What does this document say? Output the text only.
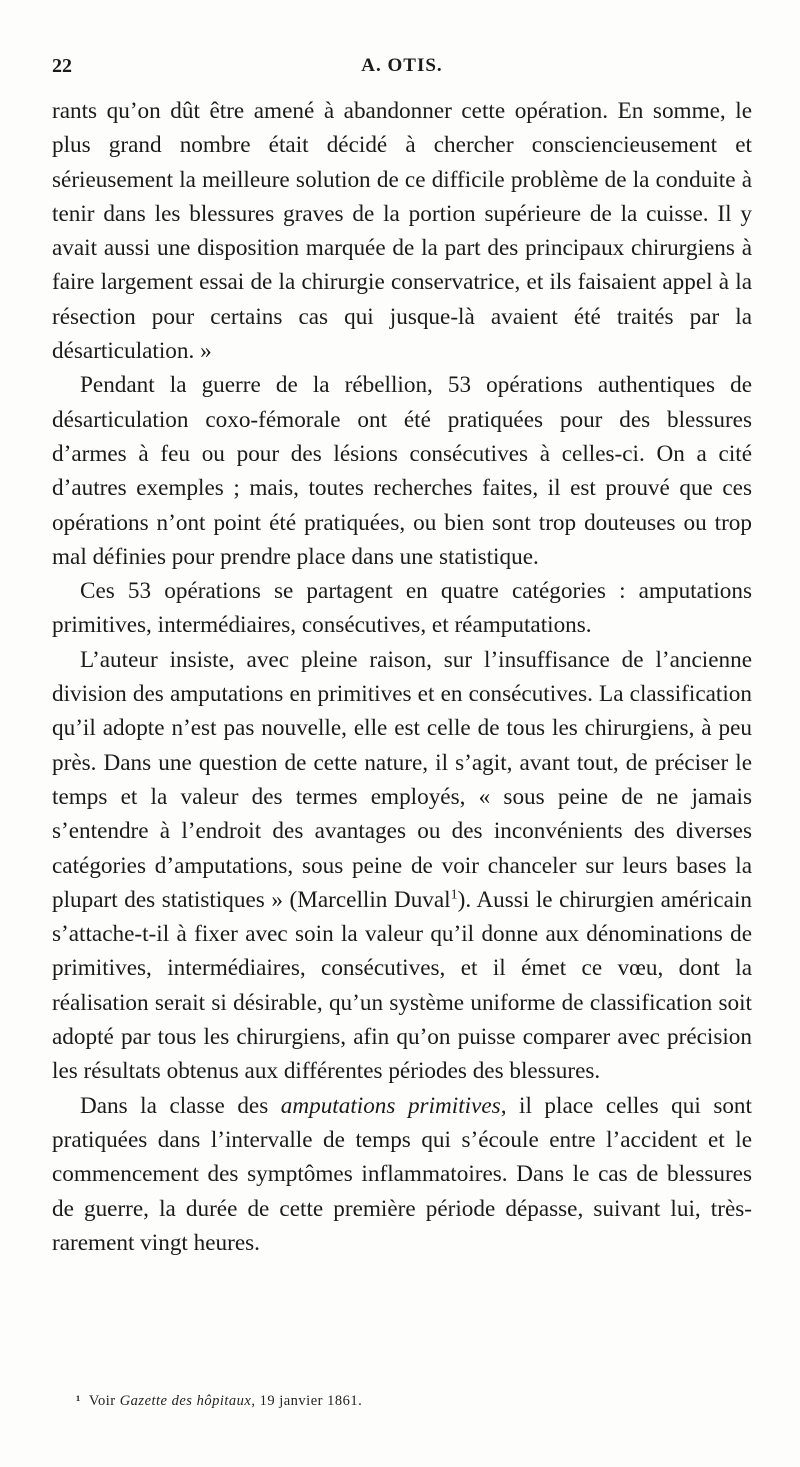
22	A. OTIS.

rants qu’on dût être amené à abandonner cette opération. En somme, le plus grand nombre était décidé à chercher consciencieusement et sérieusement la meilleure solution de ce difficile problème de la conduite à tenir dans les blessures graves de la portion supérieure de la cuisse. Il y avait aussi une disposition marquée de la part des principaux chirurgiens à faire largement essai de la chirurgie conservatrice, et ils faisaient appel à la résection pour certains cas qui jusque-là avaient été traités par la désarticulation. »

Pendant la guerre de la rébellion, 53 opérations authentiques de désarticulation coxo-fémorale ont été pratiquées pour des blessures d’armes à feu ou pour des lésions consécutives à celles-ci. On a cité d’autres exemples ; mais, toutes recherches faites, il est prouvé que ces opérations n’ont point été pratiquées, ou bien sont trop douteuses ou trop mal définies pour prendre place dans une statistique.

Ces 53 opérations se partagent en quatre catégories : amputations primitives, intermédiaires, consécutives, et réamputations.

L’auteur insiste, avec pleine raison, sur l’insuffisance de l’ancienne division des amputations en primitives et en consécutives. La classification qu’il adopte n’est pas nouvelle, elle est celle de tous les chirurgiens, à peu près. Dans une question de cette nature, il s’agit, avant tout, de préciser le temps et la valeur des termes employés, « sous peine de ne jamais s’entendre à l’endroit des avantages ou des inconvénients des diverses catégories d’amputations, sous peine de voir chanceler sur leurs bases la plupart des statistiques » (Marcellin Duval$^1$). Aussi le chirurgien américain s’attache-t-il à fixer avec soin la valeur qu’il donne aux dénominations de primitives, intermédiaires, consécutives, et il émet ce vœu, dont la réalisation serait si désirable, qu’un système uniforme de classification soit adopté par tous les chirurgiens, afin qu’on puisse comparer avec précision les résultats obtenus aux différentes périodes des blessures.

Dans la classe des amputations primitives, il place celles qui sont pratiquées dans l’intervalle de temps qui s’écoule entre l’accident et le commencement des symptômes inflammatoires. Dans le cas de blessures de guerre, la durée de cette première période dépasse, suivant lui, très-rarement vingt heures.

¹ Voir Gazette des hôpitaux, 19 janvier 1861.
